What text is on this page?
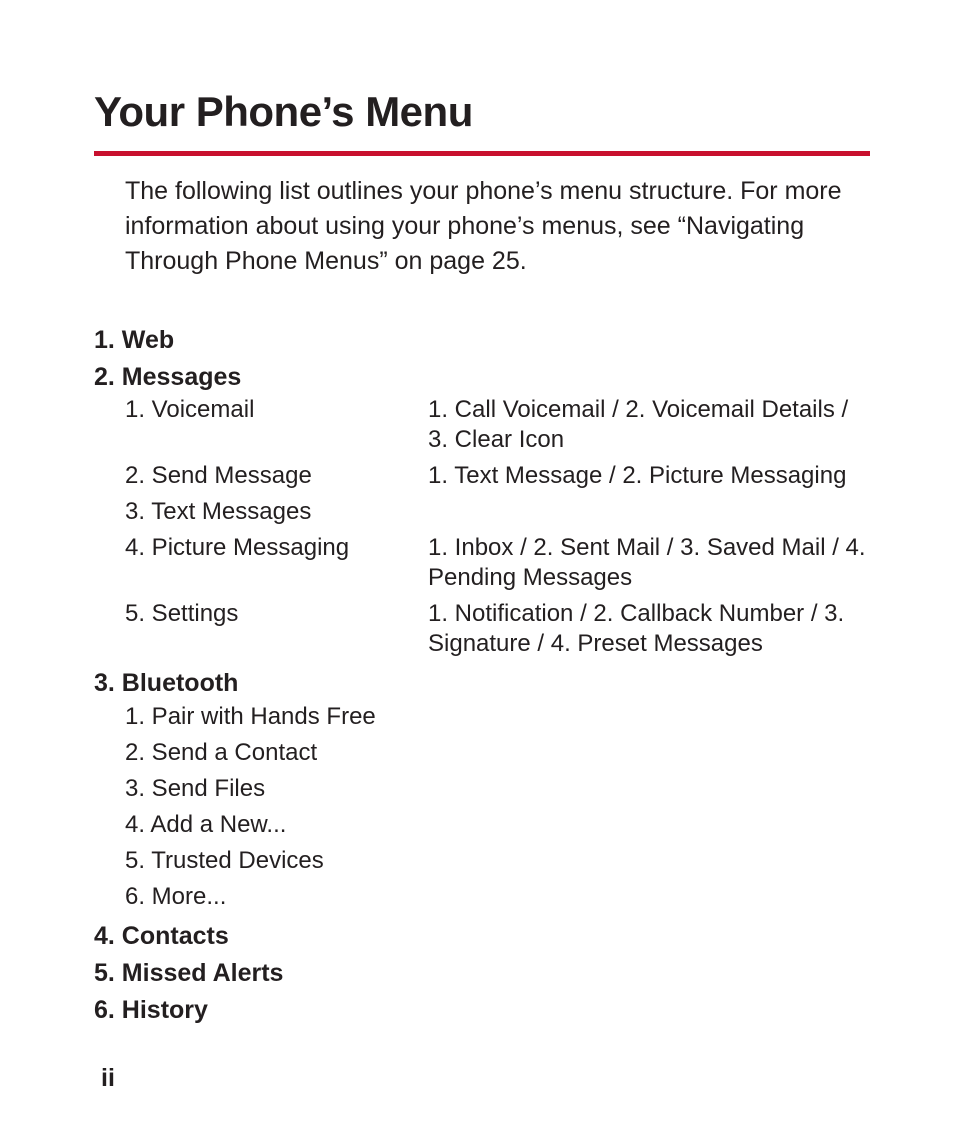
Your Phone’s Menu

The following list outlines your phone’s menu structure. For more information about using your phone’s menus, see “Navigating Through Phone Menus” on page 25.

1. Web
2. Messages
1. Voicemail	1. Call Voicemail / 2. Voicemail Details / 3. Clear Icon
2. Send Message	1. Text Message / 2. Picture Messaging
3. Text Messages
4. Picture Messaging	1. Inbox / 2. Sent Mail / 3. Saved Mail / 4. Pending Messages
5. Settings	1. Notification / 2. Callback Number / 3. Signature / 4. Preset Messages
3. Bluetooth
1. Pair with Hands Free
2. Send a Contact
3. Send Files
4. Add a New...
5. Trusted Devices
6. More...
4. Contacts
5. Missed Alerts
6. History
ii
